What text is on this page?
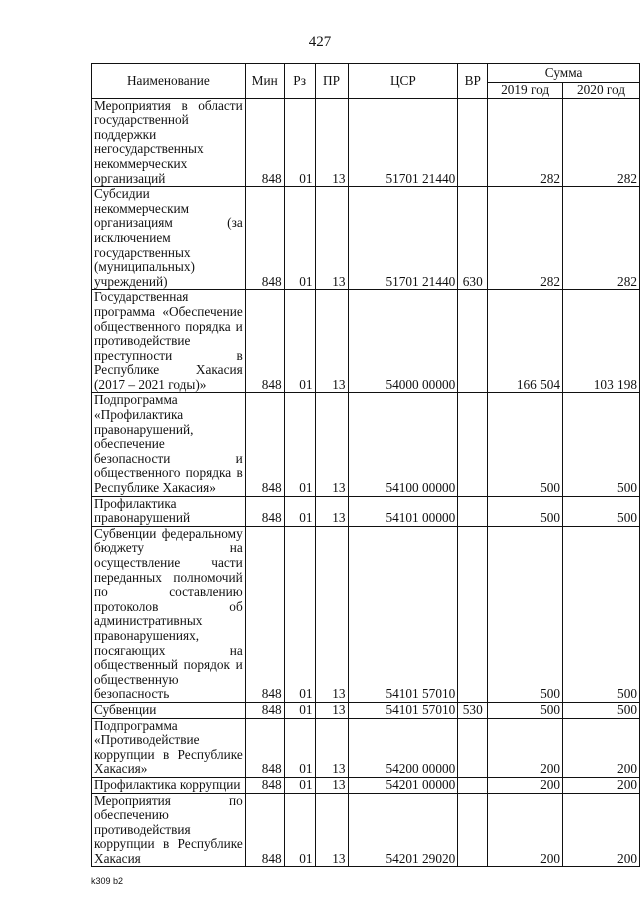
427
Наименование	Мин	Рз	ПР	ЦСР	ВР	Сумма	
						2019 год	2020 год
Мероприятия в области государственной поддержки негосударственных некоммерческих организаций	848	01	13	51701 21440		282	282
Субсидии некоммерческим организациям (за исключением государственных (муниципальных) учреждений)	848	01	13	51701 21440	630	282	282
Государственная программа «Обеспечение общественного порядка и противодействие преступности в Республике Хакасия (2017 – 2021 годы)»	848	01	13	54000 00000		166 504	103 198
Подпрограмма «Профилактика правонарушений, обеспечение безопасности и общественного порядка в Республике Хакасия»	848	01	13	54100 00000		500	500
Профилактика правонарушений	848	01	13	54101 00000		500	500
Субвенции федеральному бюджету на осуществление части переданных полномочий по составлению протоколов об административных правонарушениях, посягающих на общественный порядок и общественную безопасность	848	01	13	54101 57010		500	500
Субвенции	848	01	13	54101 57010	530	500	500
Подпрограмма «Противодействие коррупции в Республике Хакасия»	848	01	13	54200 00000		200	200
Профилактика коррупции	848	01	13	54201 00000		200	200
Мероприятия по обеспечению противодействия коррупции в Республике Хакасия	848	01	13	54201 29020		200	200
k309 b2
